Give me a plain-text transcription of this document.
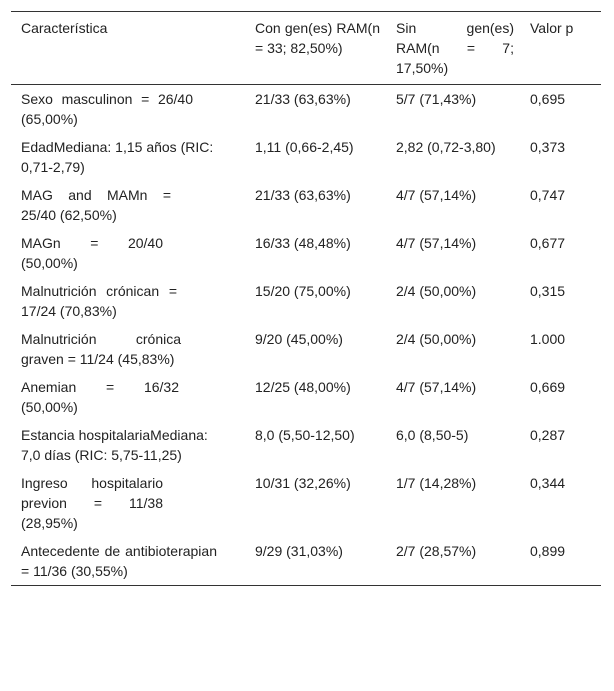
Característica	Con gen(es) RAM(n = 33; 82,50%)	Sin gen(es) RAM(n = 7; 17,50%)	Valor p

Sexo masculinon = 26/40 (65,00%)	21/33 (63,63%)	5/7 (71,43%)	0,695

EdadMediana: 1,15 años (RIC: 0,71-2,79)	1,11 (0,66-2,45)	2,82 (0,72-3,80)	0,373

MAG and MAMn = 25/40 (62,50%)	21/33 (63,63%)	4/7 (57,14%)	0,747

MAGn = 20/40 (50,00%)	16/33 (48,48%)	4/7 (57,14%)	0,677

Malnutrición crónican = 17/24 (70,83%)	15/20 (75,00%)	2/4 (50,00%)	0,315

Malnutrición crónica graven = 11/24 (45,83%)	9/20 (45,00%)	2/4 (50,00%)	1.000

Anemian = 16/32 (50,00%)	12/25 (48,00%)	4/7 (57,14%)	0,669

Estancia hospitalariaMediana: 7,0 días (RIC: 5,75-11,25)	8,0 (5,50-12,50)	6,0 (8,50-5)	0,287

Ingreso hospitalario previon = 11/38 (28,95%)	10/31 (32,26%)	1/7 (14,28%)	0,344

Antecedente de antibioterapian = 11/36 (30,55%)	9/29 (31,03%)	2/7 (28,57%)	0,899
